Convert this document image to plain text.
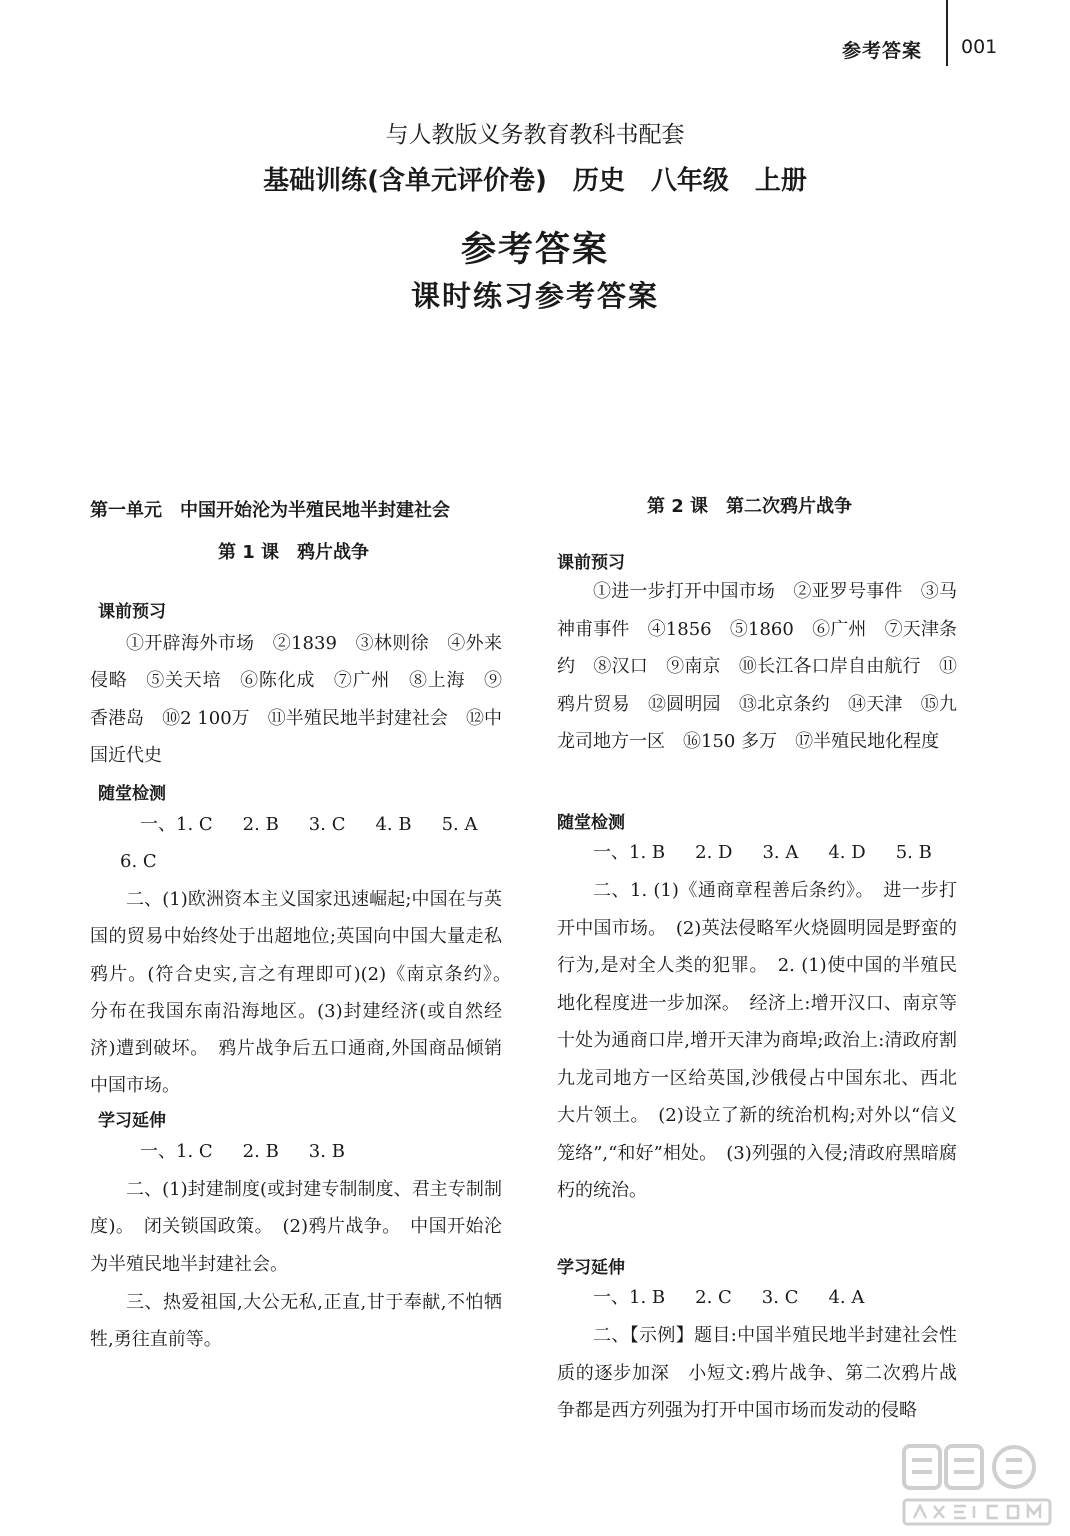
参考答案 001
与人教版义务教育教科书配套
基础训练(含单元评价卷)　历史　八年级　上册
参考答案
课时练习参考答案
第一单元　中国开始沦为半殖民地半封建社会
第 1 课　鸦片战争
课前预习
①开辟海外市场　②1839　③林则徐　④外来侵略　⑤关天培　⑥陈化成　⑦广州　⑧上海　⑨香港岛　⑩2 100万　⑪半殖民地半封建社会　⑫中国近代史
随堂检测
一、1. C 2. B 3. C 4. B 5. A
6. C
二、(1)欧洲资本主义国家迅速崛起;中国在与英国的贸易中始终处于出超地位;英国向中国大量走私鸦片。(符合史实,言之有理即可)(2)《南京条约》。　分布在我国东南沿海地区。(3)封建经济(或自然经济)遭到破坏。　鸦片战争后五口通商,外国商品倾销中国市场。
学习延伸
一、1. C 2. B 3. B
二、(1)封建制度(或封建专制制度、君主专制制度)。　闭关锁国政策。　(2)鸦片战争。　中国开始沦为半殖民地半封建社会。
三、热爱祖国,大公无私,正直,甘于奉献,不怕牺牲,勇往直前等。
第 2 课　第二次鸦片战争
课前预习
①进一步打开中国市场　②亚罗号事件　③马神甫事件　④1856　⑤1860　⑥广州　⑦天津条约　⑧汉口　⑨南京　⑩长江各口岸自由航行　⑪鸦片贸易　⑫圆明园　⑬北京条约　⑭天津　⑮九龙司地方一区　⑯150 多万　⑰半殖民地化程度
随堂检测
一、1. B 2. D 3. A 4. D 5. B
二、1. (1)《通商章程善后条约》。　进一步打开中国市场。　(2)英法侵略军火烧圆明园是野蛮的行为,是对全人类的犯罪。　2. (1)使中国的半殖民地化程度进一步加深。　经济上:增开汉口、南京等十处为通商口岸,增开天津为商埠;政治上:清政府割九龙司地方一区给英国,沙俄侵占中国东北、西北大片领土。　(2)设立了新的统治机构;对外以“信义笼络”,“和好”相处。　(3)列强的入侵;清政府黑暗腐朽的统治。
学习延伸
一、1. B 2. C 3. C 4. A
二、【示例】题目:中国半殖民地半封建社会性质的逐步加深　小短文:鸦片战争、第二次鸦片战争都是西方列强为打开中国市场而发动的侵略
